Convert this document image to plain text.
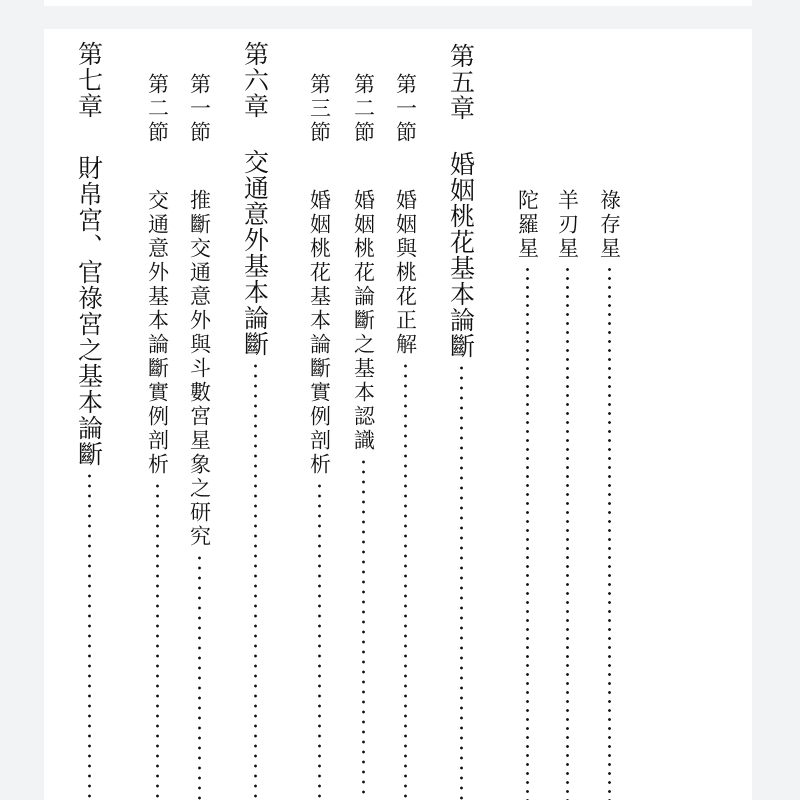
祿存星
羊刃星
陀羅星
第五章
婚姻桃花基本論斷
第一節
婚姻與桃花正解
第二節
婚姻桃花論斷之基本認識
第三節
婚姻桃花基本論斷實例剖析
第六章
交通意外基本論斷
第一節
推斷交通意外與斗數宮星象之研究
第二節
交通意外基本論斷實例剖析
第七章
財帛宮、官祿宮之基本論斷
